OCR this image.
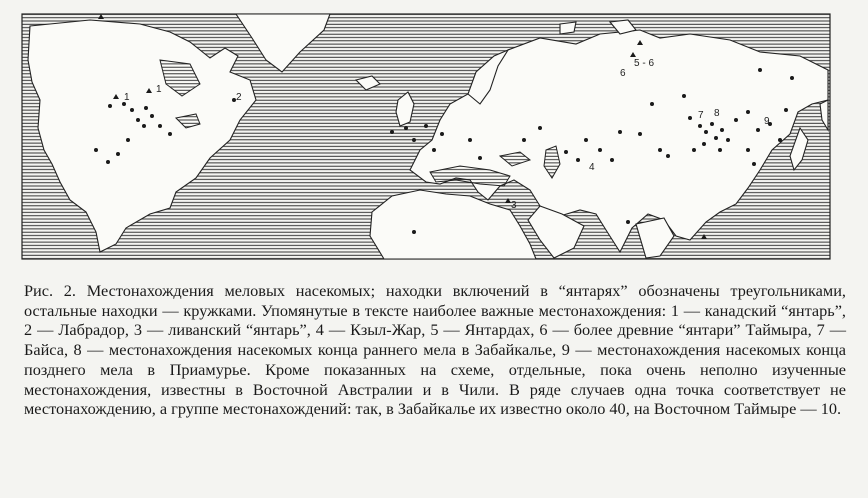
1
1
2
3
4
5 - 6
6
7 8
9

Рис. 2. Местонахождения меловых насекомых; находки включений в “янтарях” обозначены треугольниками, остальные находки — кружками. Упомянутые в тексте наиболее важные местонахождения: 1 — канадский “янтарь”, 2 — Лабрадор, 3 — ливанский “янтарь”, 4 — Кзыл-Жар, 5 — Янтардах, 6 — более древние “янтари” Таймыра, 7 — Байса, 8 — местонахождения насекомых конца раннего мела в Забайкалье, 9 — местонахождения насекомых конца позднего мела в Приамурье. Кроме показанных на схеме, отдельные, пока очень неполно изученные местонахождения, известны в Восточной Австралии и в Чили. В ряде случаев одна точка соответствует не местонахождению, а группе местонахождений: так, в Забайкалье их известно около 40, на Восточном Таймыре — 10.
